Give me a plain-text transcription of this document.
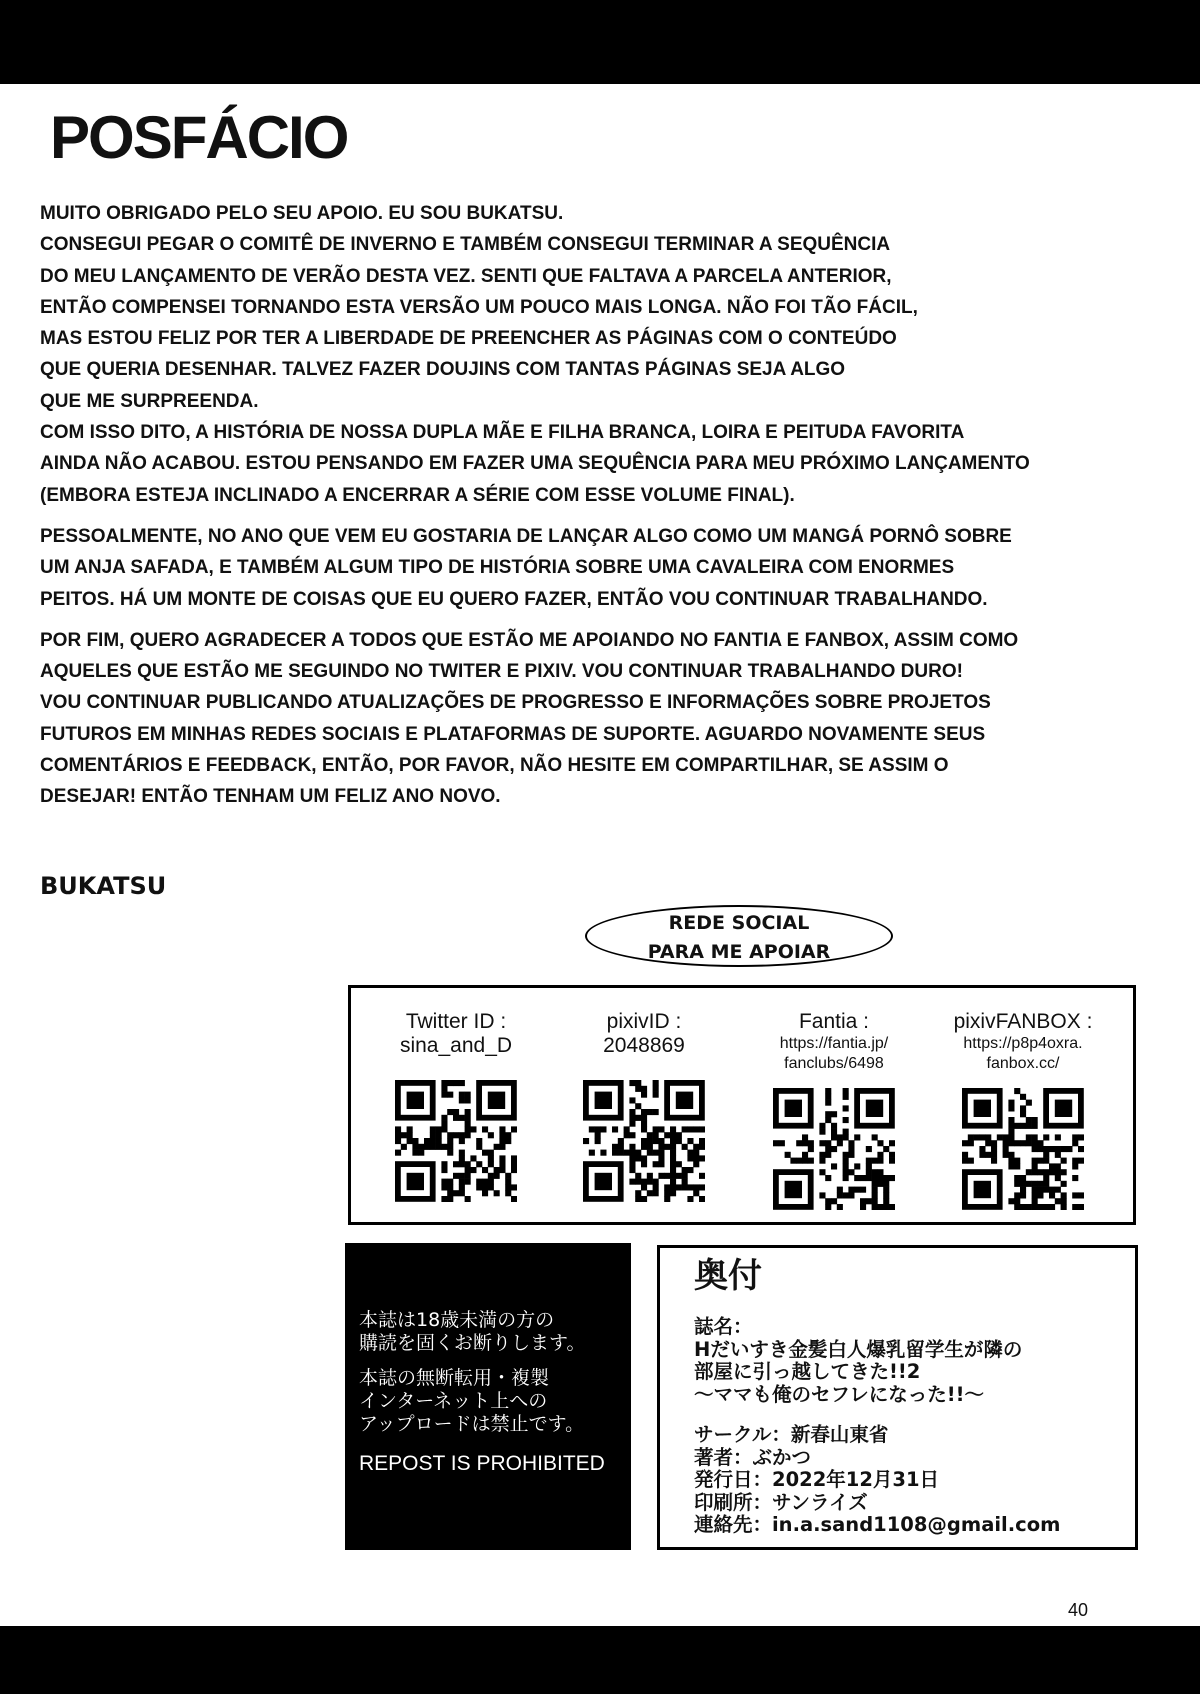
POSFÁCIO
MUITO OBRIGADO PELO SEU APOIO. EU SOU BUKATSU.
CONSEGUI PEGAR O COMITÊ DE INVERNO E TAMBÉM CONSEGUI TERMINAR A SEQUÊNCIA
DO MEU LANÇAMENTO DE VERÃO DESTA VEZ. SENTI QUE FALTAVA A PARCELA ANTERIOR,
ENTÃO COMPENSEI TORNANDO ESTA VERSÃO UM POUCO MAIS LONGA. NÃO FOI TÃO FÁCIL,
MAS ESTOU FELIZ POR TER A LIBERDADE DE PREENCHER AS PÁGINAS COM O CONTEÚDO
QUE QUERIA DESENHAR. TALVEZ FAZER DOUJINS COM TANTAS PÁGINAS SEJA ALGO
QUE ME SURPREENDA.
COM ISSO DITO, A HISTÓRIA DE NOSSA DUPLA MÃE E FILHA BRANCA, LOIRA E PEITUDA FAVORITA
AINDA NÃO ACABOU. ESTOU PENSANDO EM FAZER UMA SEQUÊNCIA PARA MEU PRÓXIMO LANÇAMENTO
(EMBORA ESTEJA INCLINADO A ENCERRAR A SÉRIE COM ESSE VOLUME FINAL).
PESSOALMENTE, NO ANO QUE VEM EU GOSTARIA DE LANÇAR ALGO COMO UM MANGÁ PORNÔ SOBRE
UM ANJA SAFADA, E TAMBÉM ALGUM TIPO DE HISTÓRIA SOBRE UMA CAVALEIRA COM ENORMES
PEITOS. HÁ UM MONTE DE COISAS QUE EU QUERO FAZER, ENTÃO VOU CONTINUAR TRABALHANDO.
POR FIM, QUERO AGRADECER A TODOS QUE ESTÃO ME APOIANDO NO FANTIA E FANBOX, ASSIM COMO
AQUELES QUE ESTÃO ME SEGUINDO NO TWITER E PIXIV. VOU CONTINUAR TRABALHANDO DURO!
VOU CONTINUAR PUBLICANDO ATUALIZAÇÕES DE PROGRESSO E INFORMAÇÕES SOBRE PROJETOS
FUTUROS EM MINHAS REDES SOCIAIS E PLATAFORMAS DE SUPORTE. AGUARDO NOVAMENTE SEUS
COMENTÁRIOS E FEEDBACK, ENTÃO, POR FAVOR, NÃO HESITE EM COMPARTILHAR, SE ASSIM O
DESEJAR! ENTÃO TENHAM UM FELIZ ANO NOVO.
BUKATSU
REDE SOCIAL
PARA ME APOIAR
Twitter ID :
sina_and_D
pixivID :
2048869
Fantia :
https://fantia.jp/
fanclubs/6498
pixivFANBOX :
https://p8p4oxra.
fanbox.cc/

本誌は18歳未満の方の
購読を固くお断りします。

本誌の無断転用・複製
インターネット上への
アップロードは禁止です。

REPOST IS PROHIBITED
奥付
誌名：
Hだいすき金髪白人爆乳留学生が隣の
部屋に引っ越してきた!!2
〜ママも俺のセフレになった!!〜
サークル：新春山東省
著者：ぶかつ
発行日：2022年12月31日
印刷所：サンライズ
連絡先：in.a.sand1108@gmail.com
40
